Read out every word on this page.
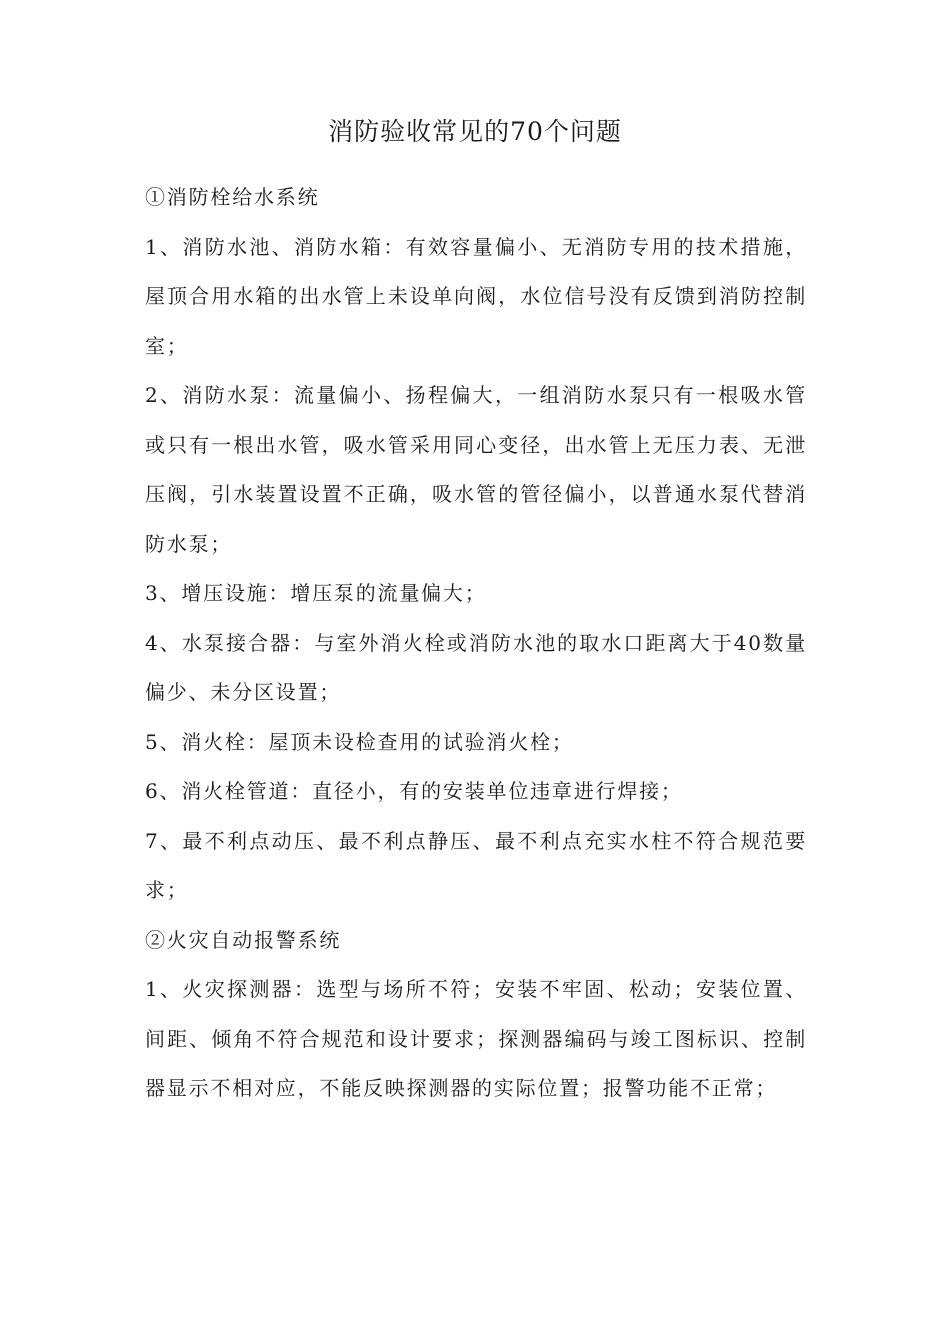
消防验收常见的70个问题

①消防栓给水系统

1、消防水池、消防水箱：有效容量偏小、无消防专用的技术措施，屋顶合用水箱的出水管上未设单向阀，水位信号没有反馈到消防控制室；

2、消防水泵：流量偏小、扬程偏大，一组消防水泵只有一根吸水管或只有一根出水管，吸水管采用同心变径，出水管上无压力表、无泄压阀，引水装置设置不正确，吸水管的管径偏小，以普通水泵代替消防水泵；

3、增压设施：增压泵的流量偏大；

4、水泵接合器：与室外消火栓或消防水池的取水口距离大于40数量偏少、未分区设置；

5、消火栓：屋顶未设检查用的试验消火栓；

6、消火栓管道：直径小，有的安装单位违章进行焊接；

7、最不利点动压、最不利点静压、最不利点充实水柱不符合规范要求；

②火灾自动报警系统

1、火灾探测器：选型与场所不符；安装不牢固、松动；安装位置、间距、倾角不符合规范和设计要求；探测器编码与竣工图标识、控制器显示不相对应，不能反映探测器的实际位置；报警功能不正常；
